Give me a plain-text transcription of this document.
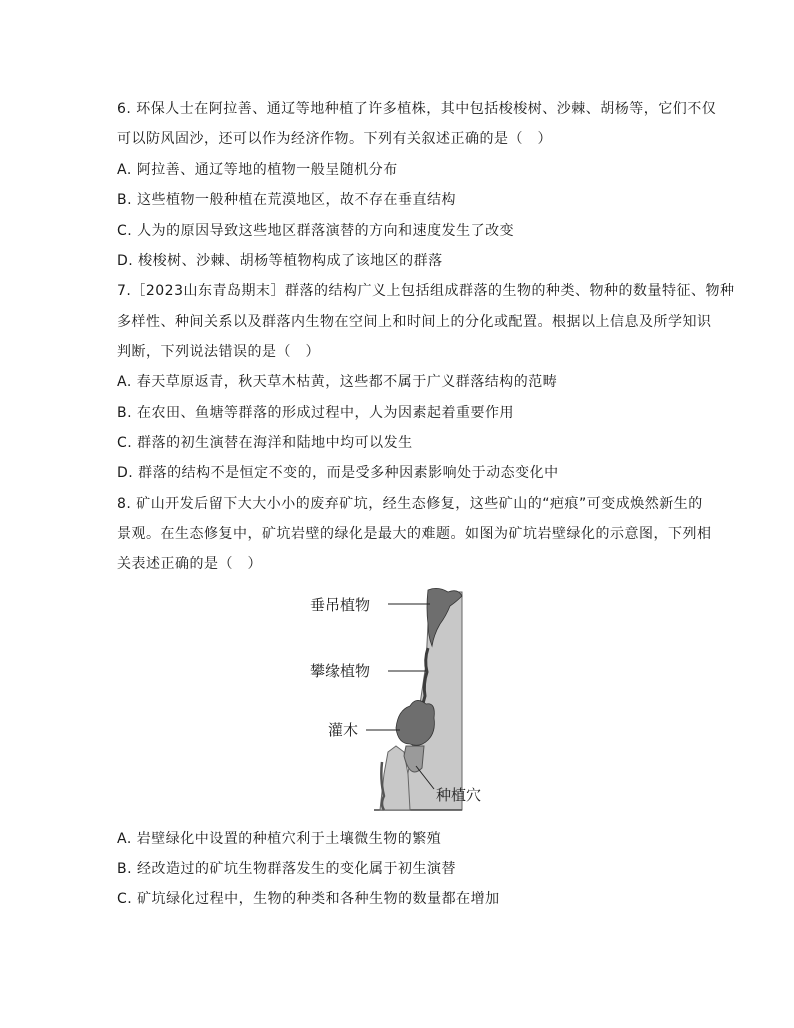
6. 环保人士在阿拉善、通辽等地种植了许多植株，其中包括梭梭树、沙棘、胡杨等，它们不仅
可以防风固沙，还可以作为经济作物。下列有关叙述正确的是（　）
A. 阿拉善、通辽等地的植物一般呈随机分布
B. 这些植物一般种植在荒漠地区，故不存在垂直结构
C. 人为的原因导致这些地区群落演替的方向和速度发生了改变
D. 梭梭树、沙棘、胡杨等植物构成了该地区的群落
7.［2023山东青岛期末］群落的结构广义上包括组成群落的生物的种类、物种的数量特征、物种
多样性、种间关系以及群落内生物在空间上和时间上的分化或配置。根据以上信息及所学知识
判断，下列说法错误的是（　）
A. 春天草原返青，秋天草木枯黄，这些都不属于广义群落结构的范畴
B. 在农田、鱼塘等群落的形成过程中，人为因素起着重要作用
C. 群落的初生演替在海洋和陆地中均可以发生
D. 群落的结构不是恒定不变的，而是受多种因素影响处于动态变化中
8. 矿山开发后留下大大小小的废弃矿坑，经生态修复，这些矿山的“疤痕”可变成焕然新生的
景观。在生态修复中，矿坑岩壁的绿化是最大的难题。如图为矿坑岩壁绿化的示意图，下列相
关表述正确的是（　）
垂吊植物
攀缘植物
灌木
种植穴
A. 岩壁绿化中设置的种植穴利于土壤微生物的繁殖
B. 经改造过的矿坑生物群落发生的变化属于初生演替
C. 矿坑绿化过程中，生物的种类和各种生物的数量都在增加
